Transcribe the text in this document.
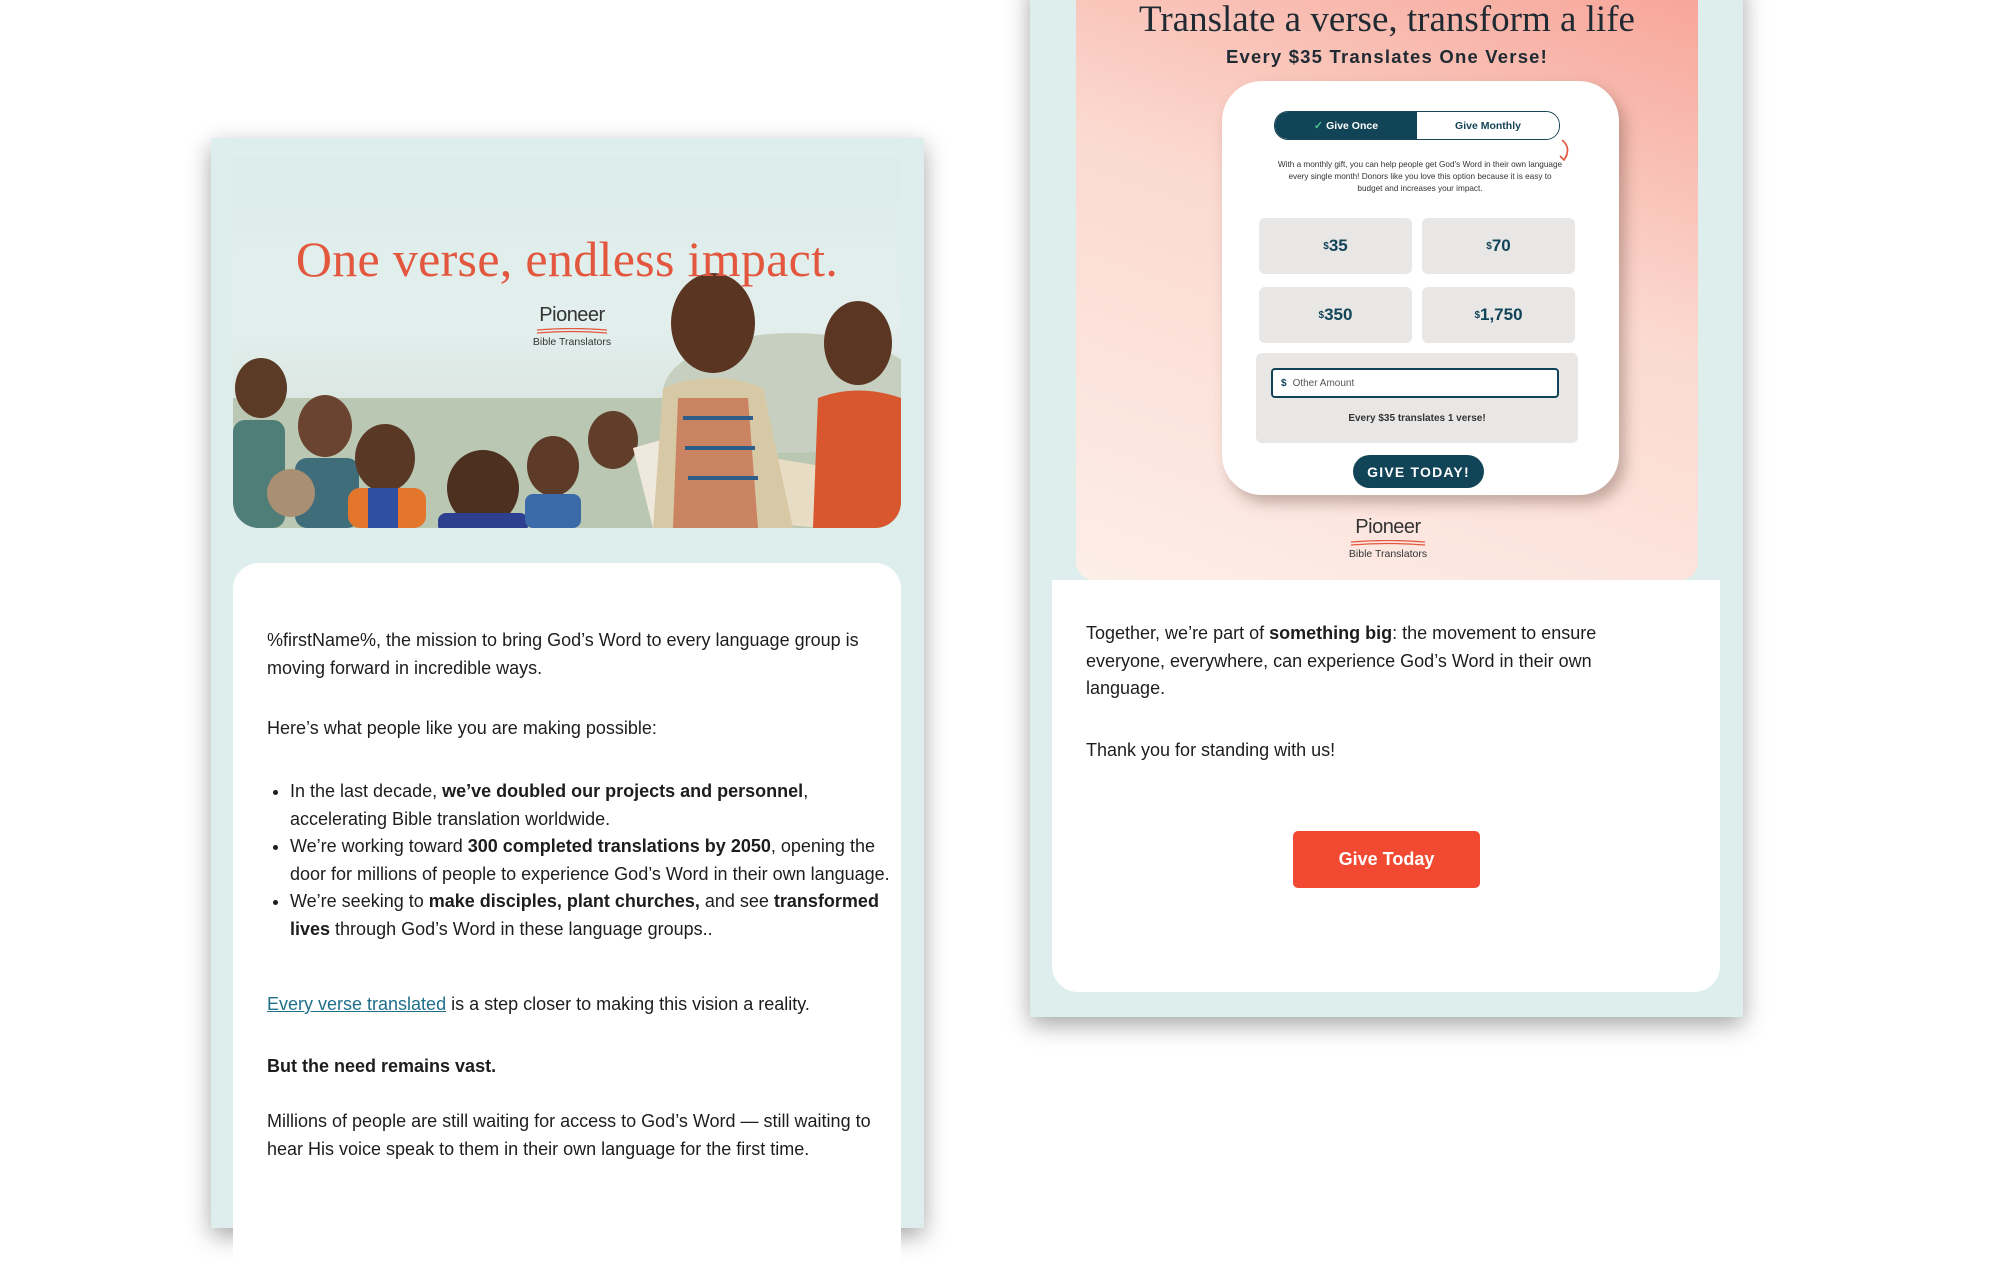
One verse, endless impact.
Pioneer
Bible Translators
%firstName%, the mission to bring God’s Word to every language group is moving forward in incredible ways.
Here’s what people like you are making possible:
• In the last decade, we’ve doubled our projects and personnel, accelerating Bible translation worldwide.
• We’re working toward 300 completed translations by 2050, opening the door for millions of people to experience God’s Word in their own language.
• We’re seeking to make disciples, plant churches, and see transformed lives through God’s Word in these language groups..
Every verse translated is a step closer to making this vision a reality.
But the need remains vast.
Millions of people are still waiting for access to God’s Word — still waiting to hear His voice speak to them in their own language for the first time.
Translate a verse, transform a life
Every $35 Translates One Verse!
✓ Give Once	Give Monthly
With a monthly gift, you can help people get God’s Word in their own language every single month! Donors like you love this option because it is easy to budget and increases your impact.
$ 35	$ 70
$ 350	$ 1,750
$ Other Amount
Every $35 translates 1 verse!
GIVE TODAY!
Pioneer
Bible Translators
Together, we’re part of something big: the movement to ensure everyone, everywhere, can experience God’s Word in their own language.
Thank you for standing with us!
Give Today
